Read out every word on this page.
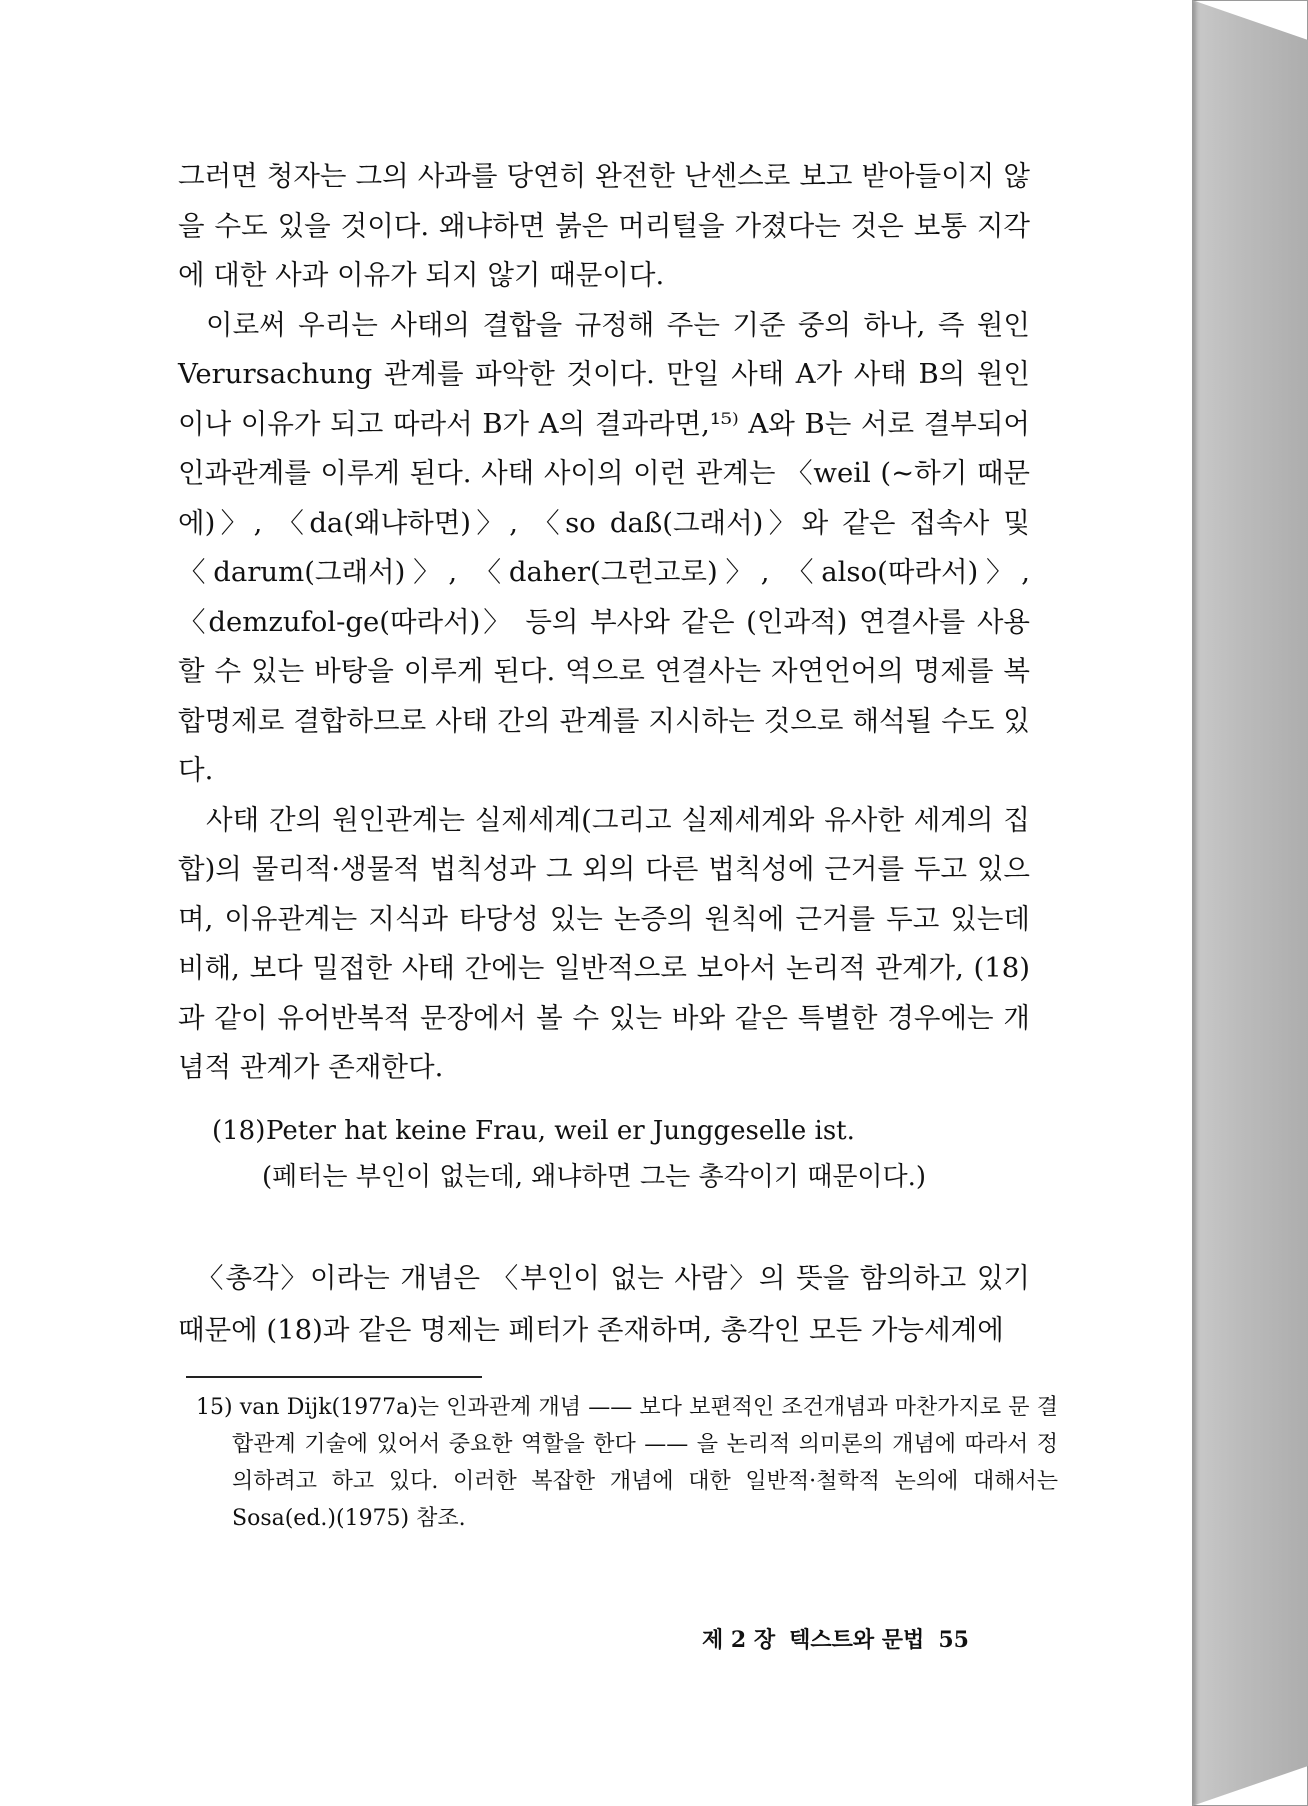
그러면 청자는 그의 사과를 당연히 완전한 난센스로 보고 받아들이지 않을 수도 있을 것이다. 왜냐하면 붉은 머리털을 가졌다는 것은 보통 지각에 대한 사과 이유가 되지 않기 때문이다.

이로써 우리는 사태의 결합을 규정해 주는 기준 중의 하나, 즉 원인 Verursachung 관계를 파악한 것이다. 만일 사태 A가 사태 B의 원인이나 이유가 되고 따라서 B가 A의 결과라면,¹⁵⁾ A와 B는 서로 결부되어 인과관계를 이루게 된다. 사태 사이의 이런 관계는 〈weil (~하기 때문에)〉, 〈da(왜냐하면)〉, 〈so daß(그래서)〉와 같은 접속사 및 〈darum(그래서)〉, 〈daher(그런고로)〉, 〈also(따라서)〉, 〈demzufol-ge(따라서)〉 등의 부사와 같은 (인과적) 연결사를 사용할 수 있는 바탕을 이루게 된다. 역으로 연결사는 자연언어의 명제를 복합명제로 결합하므로 사태 간의 관계를 지시하는 것으로 해석될 수도 있다.

사태 간의 원인관계는 실제세계(그리고 실제세계와 유사한 세계의 집합)의 물리적·생물적 법칙성과 그 외의 다른 법칙성에 근거를 두고 있으며, 이유관계는 지식과 타당성 있는 논증의 원칙에 근거를 두고 있는데 비해, 보다 밀접한 사태 간에는 일반적으로 보아서 논리적 관계가, (18)과 같이 유어반복적 문장에서 볼 수 있는 바와 같은 특별한 경우에는 개념적 관계가 존재한다.

(18)Peter hat keine Frau, weil er Junggeselle ist.
(페터는 부인이 없는데, 왜냐하면 그는 총각이기 때문이다.)

〈총각〉이라는 개념은 〈부인이 없는 사람〉의 뜻을 함의하고 있기 때문에 (18)과 같은 명제는 페터가 존재하며, 총각인 모든 가능세계에

15) van Dijk(1977a)는 인과관계 개념 —— 보다 보편적인 조건개념과 마찬가지로 문 결합관계 기술에 있어서 중요한 역할을 한다 —— 을 논리적 의미론의 개념에 따라서 정의하려고 하고 있다. 이러한 복잡한 개념에 대한 일반적·철학적 논의에 대해서는 Sosa(ed.)(1975) 참조.
제 2 장 텍스트와 문법 55
